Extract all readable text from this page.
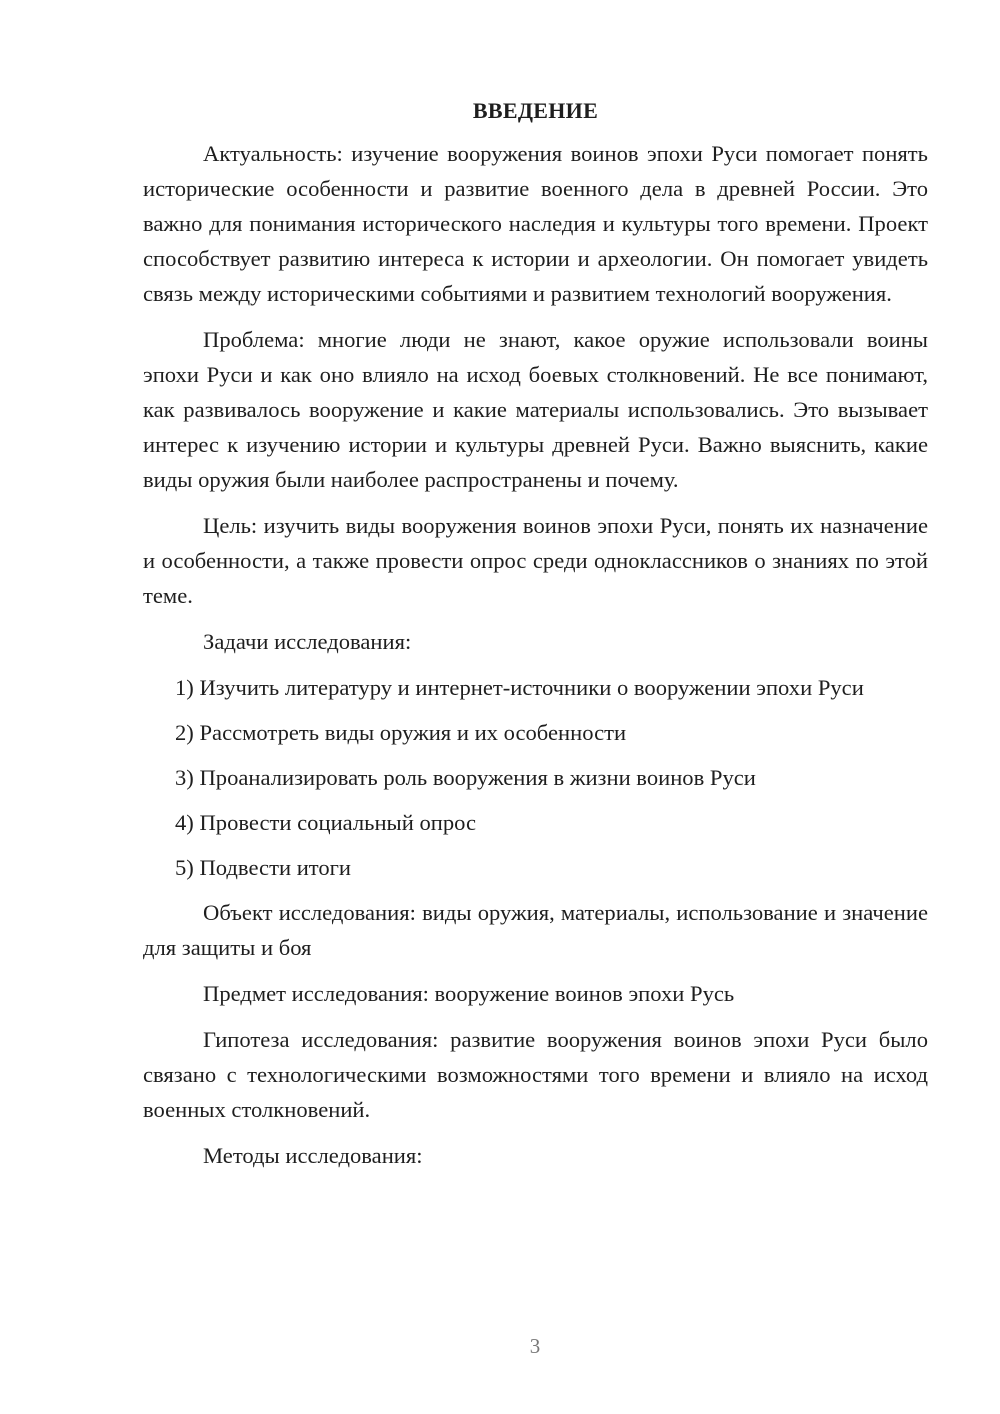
ВВЕДЕНИЕ

Актуальность: изучение вооружения воинов эпохи Руси помогает понять исторические особенности и развитие военного дела в древней России. Это важно для понимания исторического наследия и культуры того времени. Проект способствует развитию интереса к истории и археологии. Он помогает увидеть связь между историческими событиями и развитием технологий вооружения.

Проблема: многие люди не знают, какое оружие использовали воины эпохи Руси и как оно влияло на исход боевых столкновений. Не все понимают, как развивалось вооружение и какие материалы использовались. Это вызывает интерес к изучению истории и культуры древней Руси. Важно выяснить, какие виды оружия были наиболее распространены и почему.

Цель: изучить виды вооружения воинов эпохи Руси, понять их назначение и особенности, а также провести опрос среди одноклассников о знаниях по этой теме.

Задачи исследования:

1) Изучить литературу и интернет-источники о вооружении эпохи Руси
2) Рассмотреть виды оружия и их особенности
3) Проанализировать роль вооружения в жизни воинов Руси
4) Провести социальный опрос
5) Подвести итоги

Объект исследования: виды оружия, материалы, использование и значение для защиты и боя

Предмет исследования: вооружение воинов эпохи Русь

Гипотеза исследования: развитие вооружения воинов эпохи Руси было связано с технологическими возможностями того времени и влияло на исход военных столкновений.

Методы исследования:

3
